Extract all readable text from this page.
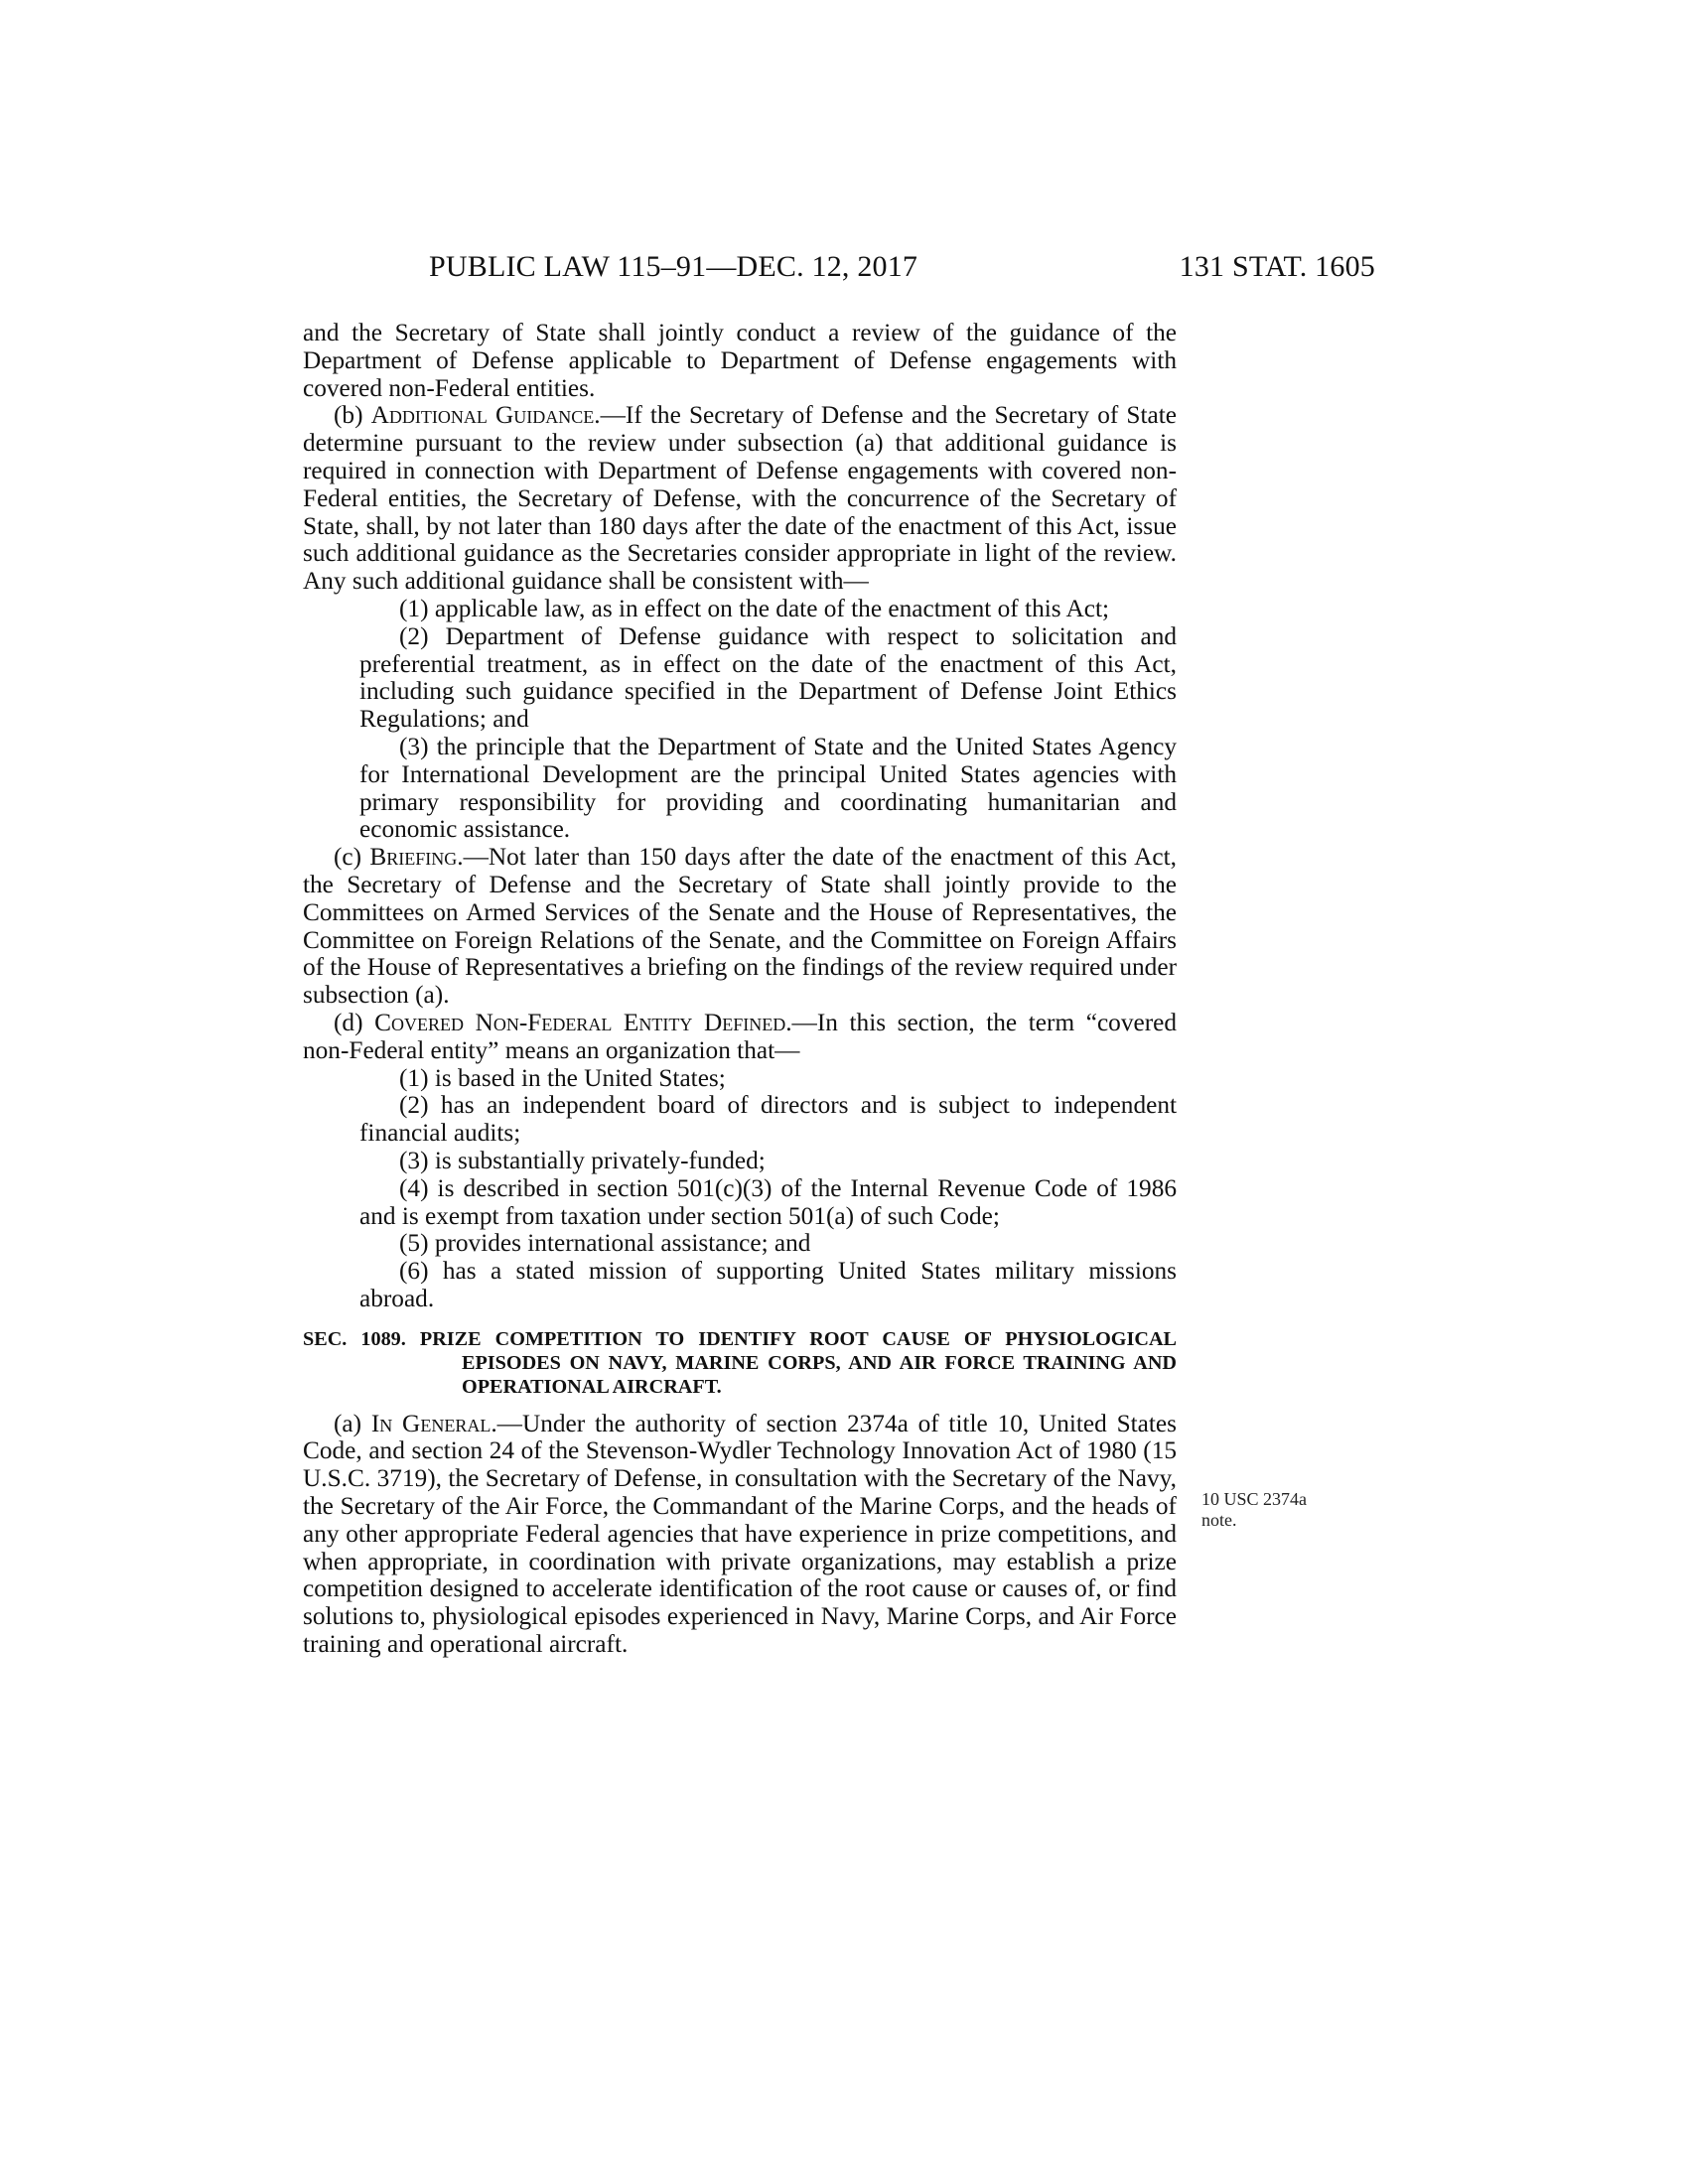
PUBLIC LAW 115–91—DEC. 12, 2017	131 STAT. 1605
10 USC 2374a
note.

and the Secretary of State shall jointly conduct a review of the guidance of the Department of Defense applicable to Department of Defense engagements with covered non-Federal entities.

(b) Additional Guidance.—If the Secretary of Defense and the Secretary of State determine pursuant to the review under subsection (a) that additional guidance is required in connection with Department of Defense engagements with covered non-Federal entities, the Secretary of Defense, with the concurrence of the Secretary of State, shall, by not later than 180 days after the date of the enactment of this Act, issue such additional guidance as the Secretaries consider appropriate in light of the review. Any such additional guidance shall be consistent with—

(1) applicable law, as in effect on the date of the enactment of this Act;

(2) Department of Defense guidance with respect to solicitation and preferential treatment, as in effect on the date of the enactment of this Act, including such guidance specified in the Department of Defense Joint Ethics Regulations; and

(3) the principle that the Department of State and the United States Agency for International Development are the principal United States agencies with primary responsibility for providing and coordinating humanitarian and economic assistance.

(c) Briefing.—Not later than 150 days after the date of the enactment of this Act, the Secretary of Defense and the Secretary of State shall jointly provide to the Committees on Armed Services of the Senate and the House of Representatives, the Committee on Foreign Relations of the Senate, and the Committee on Foreign Affairs of the House of Representatives a briefing on the findings of the review required under subsection (a).

(d) Covered Non-Federal Entity Defined.—In this section, the term “covered non-Federal entity” means an organization that—

(1) is based in the United States;

(2) has an independent board of directors and is subject to independent financial audits;

(3) is substantially privately-funded;

(4) is described in section 501(c)(3) of the Internal Revenue Code of 1986 and is exempt from taxation under section 501(a) of such Code;

(5) provides international assistance; and

(6) has a stated mission of supporting United States military missions abroad.

SEC. 1089. PRIZE COMPETITION TO IDENTIFY ROOT CAUSE OF PHYSIOLOGICAL EPISODES ON NAVY, MARINE CORPS, AND AIR FORCE TRAINING AND OPERATIONAL AIRCRAFT.

(a) In General.—Under the authority of section 2374a of title 10, United States Code, and section 24 of the Stevenson-Wydler Technology Innovation Act of 1980 (15 U.S.C. 3719), the Secretary of Defense, in consultation with the Secretary of the Navy, the Secretary of the Air Force, the Commandant of the Marine Corps, and the heads of any other appropriate Federal agencies that have experience in prize competitions, and when appropriate, in coordination with private organizations, may establish a prize competition designed to accelerate identification of the root cause or causes of, or find solutions to, physiological episodes experienced in Navy, Marine Corps, and Air Force training and operational aircraft.
